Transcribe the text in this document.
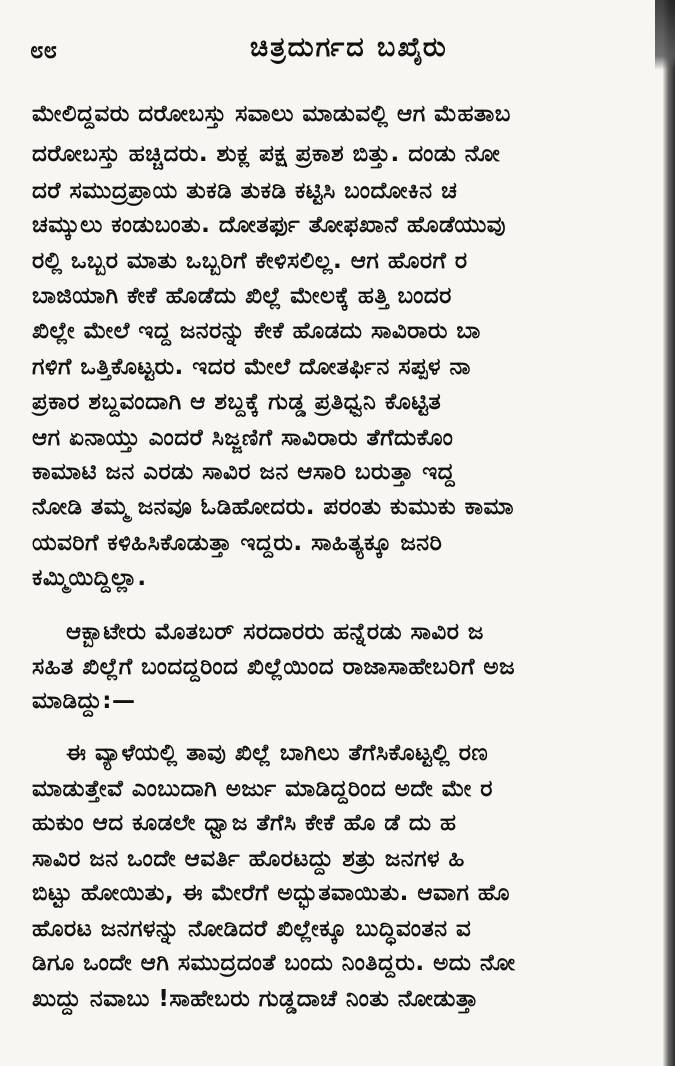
೮೮	ಚಿತ್ರದುರ್ಗದ ಬಖೈರು
ಮೇಲಿದ್ದವರು ದರೋಬಸ್ತು ಸವಾಲು ಮಾಡುವಲ್ಲಿ ಆಗ ಮೆಹತಾಬ
ದರೋಬಸ್ತು ಹಚ್ಚಿದರು. ಶುಕ್ಲ ಪಕ್ಷ ಪ್ರಕಾಶ ಬಿತ್ತು. ದಂಡು ನೋ
ದರೆ ಸಮುದ್ರಪ್ರಾಯ ತುಕಡಿ ತುಕಡಿ ಕಟ್ಟಿಸಿ ಬಂದೋಕಿನ ಚ
ಚಮ್ಕುಲು ಕಂಡುಬಂತು. ದೋತರ್ಫು ತೋಫಖಾನೆ ಹೊಡೆಯುವು
ರಲ್ಲಿ ಒಬ್ಬರ ಮಾತು ಒಬ್ಬರಿಗೆ ಕೇಳಿಸಲಿಲ್ಲ. ಆಗ ಹೊರಗೆ ರ
ಬಾಜಿಯಾಗಿ ಕೇಕೆ ಹೊಡೆದು ಖಿಲ್ಲೆ ಮೇಲಕ್ಕೆ ಹತ್ತಿ ಬಂದರ
ಖಿಲ್ಲೇ ಮೇಲೆ ಇದ್ದ ಜನರನ್ನು ಕೇಕೆ ಹೊಡದು ಸಾವಿರಾರು ಬಾ
ಗಳಿಗೆ ಒತ್ತಿಕೊಟ್ಟರು. ಇದರ ಮೇಲೆ ದೋತರ್ಫಿನ ಸಪ್ಪಳ ನಾ
ಪ್ರಕಾರ ಶಬ್ದವಂದಾಗಿ ಆ ಶಬ್ದಕ್ಕೆ ಗುಡ್ಡ ಪ್ರತಿಧ್ವನಿ ಕೊಟ್ಟಿತ
ಆಗ ಏನಾಯ್ತು ಎಂದರೆ ಸಿಜ್ಜಣಿಗೆ ಸಾವಿರಾರು ತೆಗೆದುಕೊಂ
ಕಾಮಾಟಿ ಜನ ಎರಡು ಸಾವಿರ ಜನ ಆಸಾರಿ ಬರುತ್ತಾ ಇದ್ದ
ನೋಡಿ ತಮ್ಮ ಜನವೂ ಓಡಿಹೋದರು. ಪರಂತು ಕುಮುಕು ಕಾಮಾ
ಯವರಿಗೆ ಕಳಿಹಿಸಿಕೊಡುತ್ತಾ ಇದ್ದರು. ಸಾಹಿತ್ಯಕ್ಕೂ ಜನರಿ
ಕಮ್ಮಿಯಿದ್ದಿಲ್ಲಾ.
ಆಕ್ಬಾಟೇರು ಮೊತಬರ್ ಸರದಾರರು ಹನ್ನೆರಡು ಸಾವಿರ ಜ
ಸಹಿತ ಖಿಲ್ಲೆಗೆ ಬಂದದ್ದರಿಂದ ಖಿಲ್ಲೆಯಿಂದ ರಾಜಾಸಾಹೇಬರಿಗೆ ಅಜ
ಮಾಡಿದ್ದು:—
ಈ ವ್ಯಾಳೆಯಲ್ಲಿ ತಾವು ಖಿಲ್ಲೆ ಬಾಗಿಲು ತೆಗೆಸಿಕೊಟ್ಟಲ್ಲಿ ರಣ
ಮಾಡುತ್ತೇವೆ ಎಂಬುದಾಗಿ ಅರ್ಜು ಮಾಡಿದ್ದರಿಂದ ಅದೇ ಮೇ ರ
ಹುಕುಂ ಆದ ಕೂಡಲೇ ಧ್ವಾಜ ತೆಗೆಸಿ ಕೇಕೆ ಹೊ ಡೆ ದು ಹ
ಸಾವಿರ ಜನ ಒಂದೇ ಆವರ್ತಿ ಹೊರಟದ್ದು ಶತ್ರು ಜನಗಳ ಹಿ
ಬಿಟ್ಟು ಹೋಯಿತು, ಈ ಮೇರೆಗೆ ಅದ್ಭುತವಾಯಿತು. ಆವಾಗ ಹೊ
ಹೊರಟ ಜನಗಳನ್ನು ನೋಡಿದರೆ ಖಿಲ್ಲೇಕ್ಕೂ ಬುದ್ಧಿವಂತನ ವ
ಡಿಗೂ ಒಂದೇ ಆಗಿ ಸಮುದ್ರದಂತೆ ಬಂದು ನಿಂತಿದ್ದರು. ಅದು ನೋ
ಖುದ್ದು ನವಾಬು !ಸಾಹೇಬರು ಗುಡ್ಡದಾಚೆ ನಿಂತು ನೋಡುತ್ತಾ
